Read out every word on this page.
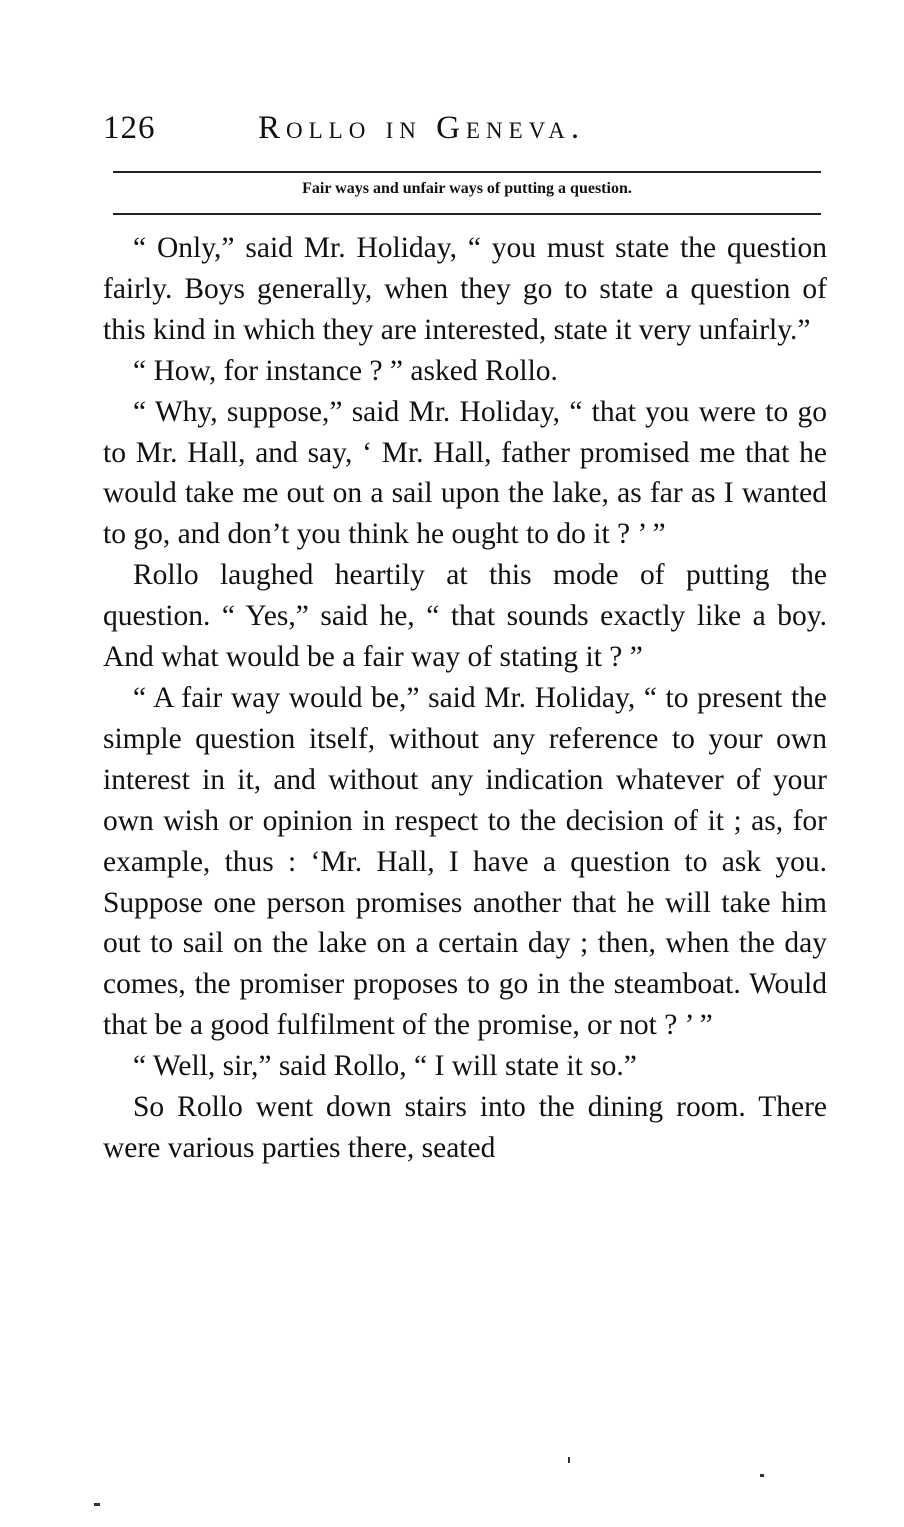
126	Rollo in Geneva.
Fair ways and unfair ways of putting a question.

“ Only,” said Mr. Holiday, “ you must state the question fairly. Boys generally, when they go to state a question of this kind in which they are interested, state it very unfairly.”

“ How, for instance ? ” asked Rollo.

“ Why, suppose,” said Mr. Holiday, “ that you were to go to Mr. Hall, and say, ‘ Mr. Hall, father promised me that he would take me out on a sail upon the lake, as far as I wanted to go, and don’t you think he ought to do it ? ’ ”

Rollo laughed heartily at this mode of putting the question. “ Yes,” said he, “ that sounds exactly like a boy. And what would be a fair way of stating it ? ”

“ A fair way would be,” said Mr. Holiday, “ to present the simple question itself, without any reference to your own interest in it, and without any indication whatever of your own wish or opinion in respect to the decision of it ; as, for example, thus : ‘Mr. Hall, I have a question to ask you. Suppose one person promises another that he will take him out to sail on the lake on a certain day ; then, when the day comes, the promiser proposes to go in the steamboat. Would that be a good fulfilment of the promise, or not ? ’ ”

“ Well, sir,” said Rollo, “ I will state it so.”

So Rollo went down stairs into the dining room. There were various parties there, seated
